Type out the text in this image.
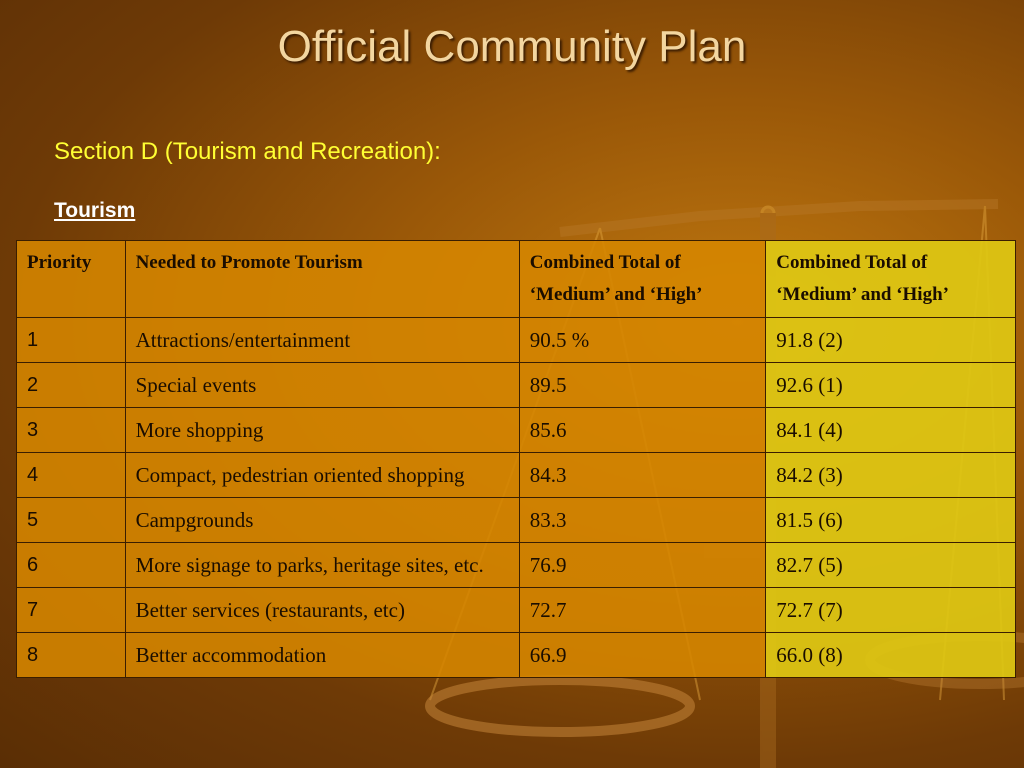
Official Community Plan
Section D (Tourism and Recreation):
Tourism
Priority	Needed to Promote Tourism	Combined Total of ‘Medium’ and ‘High’	Combined Total of ‘Medium’ and ‘High’
1	Attractions/entertainment	90.5 %	91.8 (2)
2	Special events	89.5	92.6 (1)
3	More shopping	85.6	84.1 (4)
4	Compact, pedestrian oriented shopping	84.3	84.2 (3)
5	Campgrounds	83.3	81.5 (6)
6	More signage to parks, heritage sites, etc.	76.9	82.7 (5)
7	Better services (restaurants, etc)	72.7	72.7 (7)
8	Better accommodation	66.9	66.0 (8)
